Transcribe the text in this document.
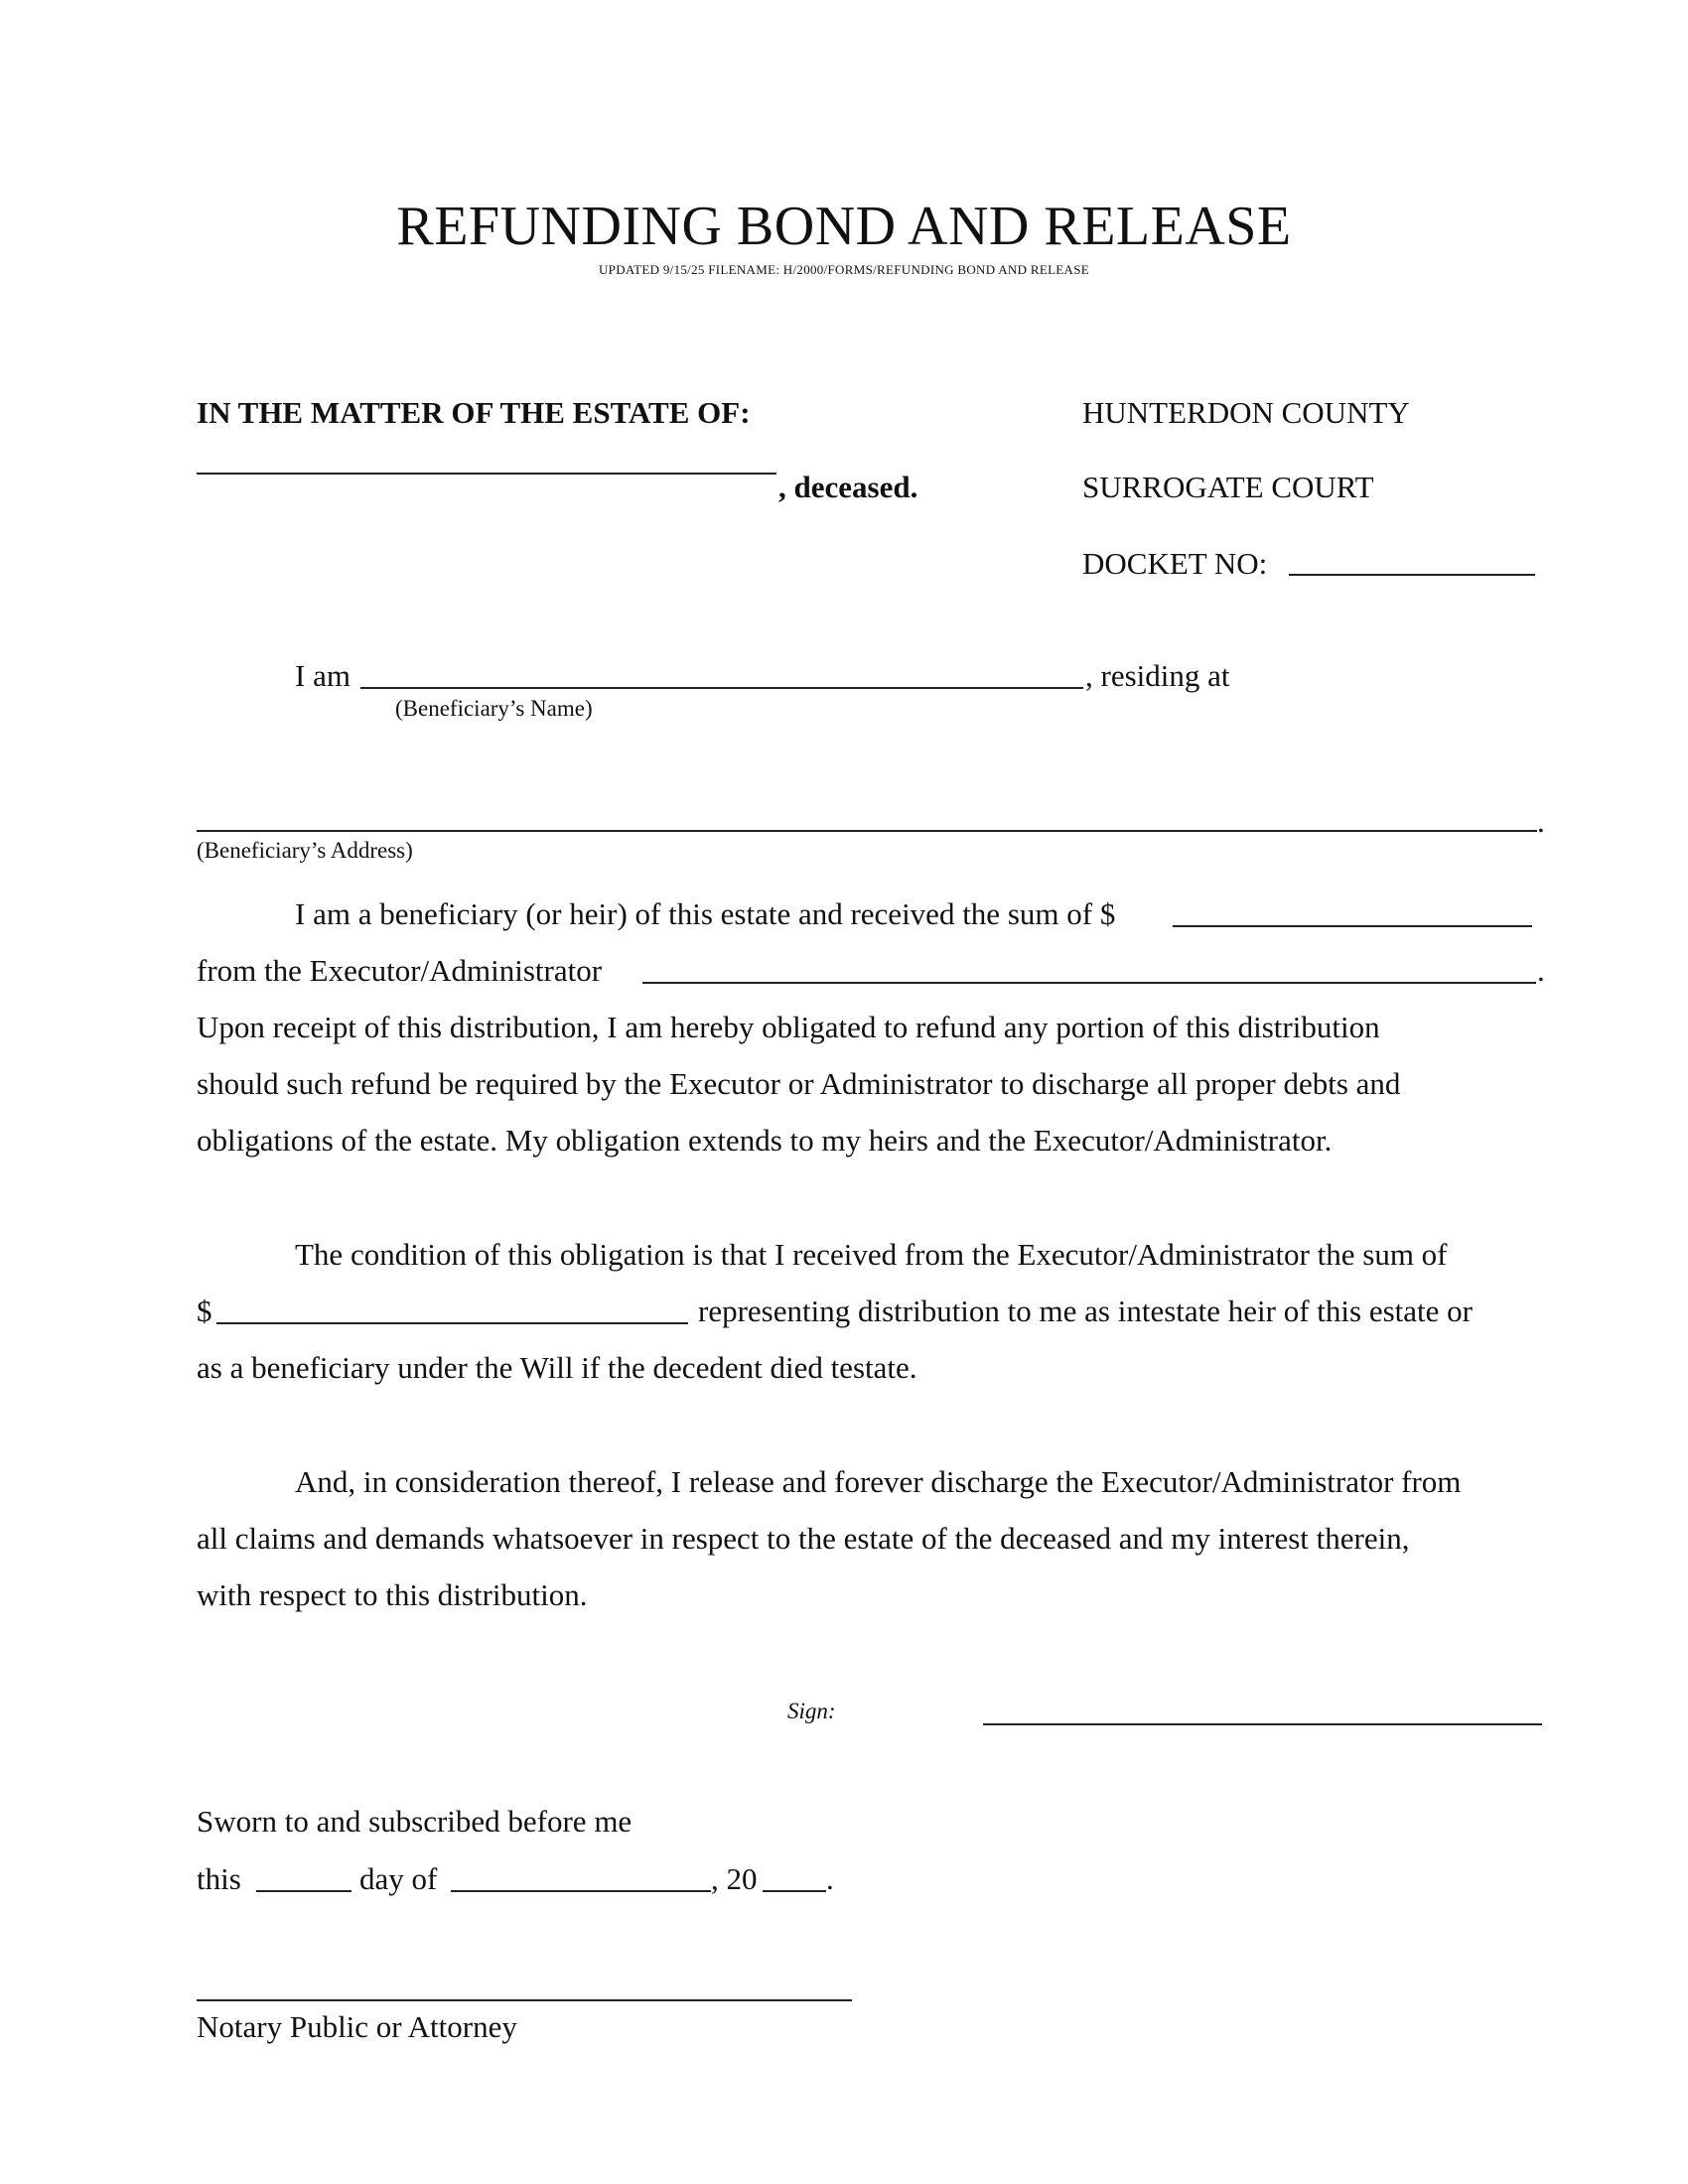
REFUNDING BOND AND RELEASE
UPDATED 9/15/25 FILENAME: H/2000/FORMS/REFUNDING BOND AND RELEASE
IN THE MATTER OF THE ESTATE OF:
, deceased.
HUNTERDON COUNTY
SURROGATE COURT
DOCKET NO:
I am	, residing at
(Beneficiary’s Name)
.
(Beneficiary’s Address)
I am a beneficiary (or heir) of this estate and received the sum of $
from the Executor/Administrator	.
Upon receipt of this distribution, I am hereby obligated to refund any portion of this distribution
should such refund be required by the Executor or Administrator to discharge all proper debts and
obligations of the estate. My obligation extends to my heirs and the Executor/Administrator.
The condition of this obligation is that I received from the Executor/Administrator the sum of
$	representing distribution to me as intestate heir of this estate or
as a beneficiary under the Will if the decedent died testate.
And, in consideration thereof, I release and forever discharge the Executor/Administrator from
all claims and demands whatsoever in respect to the estate of the deceased and my interest therein,
with respect to this distribution.
Sign:
Sworn to and subscribed before me
this	day of	, 20 .
Notary Public or Attorney
